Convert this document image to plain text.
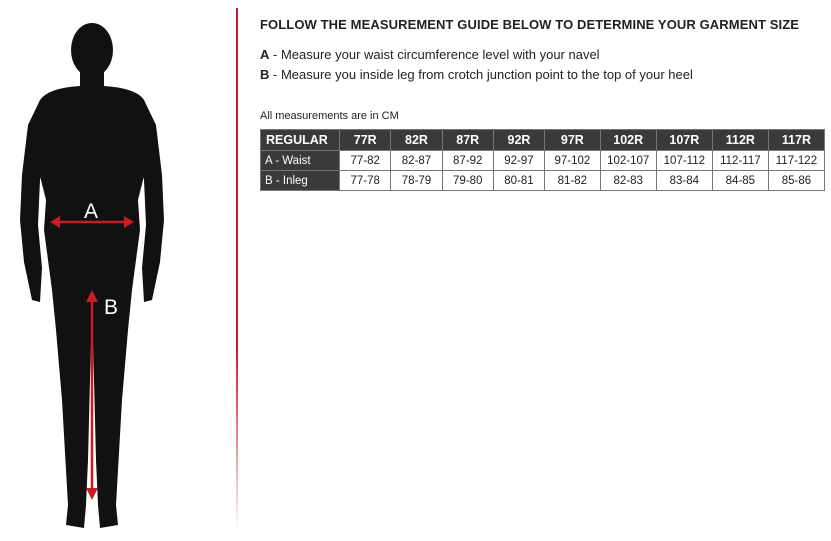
A
B
FOLLOW THE MEASUREMENT GUIDE BELOW TO DETERMINE YOUR GARMENT SIZE
A - Measure your waist circumference level with your navel
B - Measure you inside leg from crotch junction point to the top of your heel
All measurements are in CM
REGULAR	77R	82R	87R	92R	97R	102R	107R	112R	117R
A - Waist	77-82	82-87	87-92	92-97	97-102	102-107	107-112	112-117	117-122
B - Inleg	77-78	78-79	79-80	80-81	81-82	82-83	83-84	84-85	85-86
